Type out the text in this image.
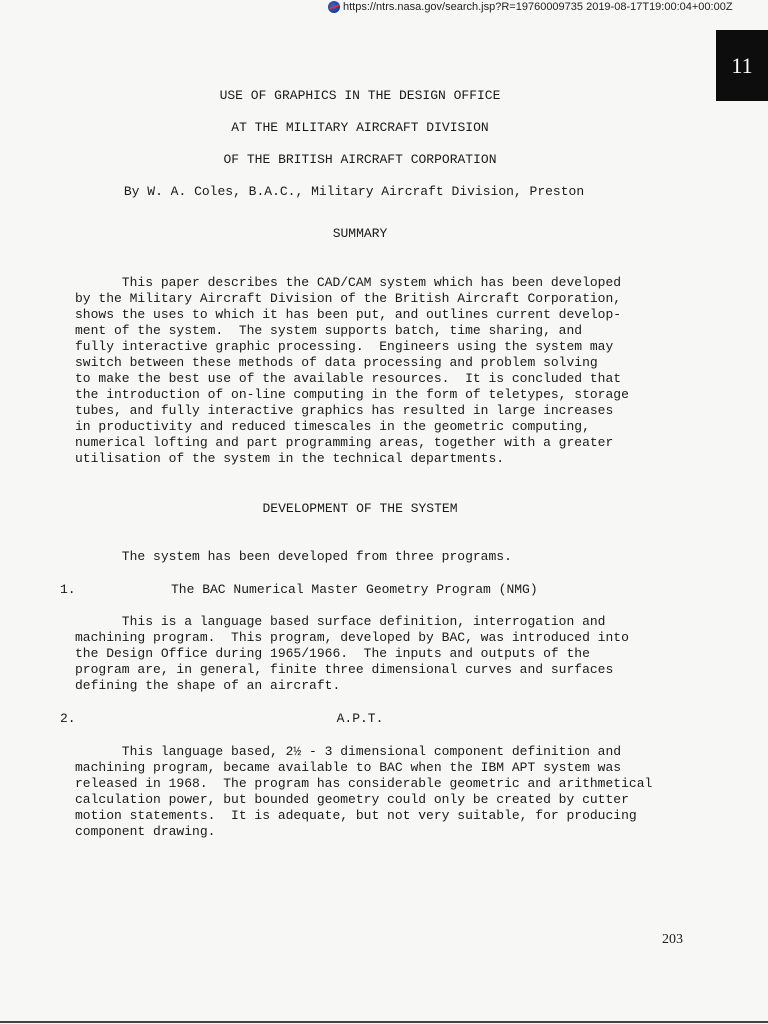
https://ntrs.nasa.gov/search.jsp?R=19760009735 2019-08-17T19:00:04+00:00Z
11
USE OF GRAPHICS IN THE DESIGN OFFICE
AT THE MILITARY AIRCRAFT DIVISION
OF THE BRITISH AIRCRAFT CORPORATION
By W. A. Coles, B.A.C., Military Aircraft Division, Preston
SUMMARY
This paper describes the CAD/CAM system which has been developed
by the Military Aircraft Division of the British Aircraft Corporation,
shows the uses to which it has been put, and outlines current develop-
ment of the system.  The system supports batch, time sharing, and
fully interactive graphic processing.  Engineers using the system may
switch between these methods of data processing and problem solving
to make the best use of the available resources.  It is concluded that
the introduction of on-line computing in the form of teletypes, storage
tubes, and fully interactive graphics has resulted in large increases
in productivity and reduced timescales in the geometric computing,
numerical lofting and part programming areas, together with a greater
utilisation of the system in the technical departments.
DEVELOPMENT OF THE SYSTEM
The system has been developed from three programs.
1.	The BAC Numerical Master Geometry Program (NMG)
This is a language based surface definition, interrogation and
machining program.  This program, developed by BAC, was introduced into
the Design Office during 1965/1966.  The inputs and outputs of the
program are, in general, finite three dimensional curves and surfaces
defining the shape of an aircraft.
2.	A.P.T.
This language based, 2½ - 3 dimensional component definition and
machining program, became available to BAC when the IBM APT system was
released in 1968.  The program has considerable geometric and arithmetical
calculation power, but bounded geometry could only be created by cutter
motion statements.  It is adequate, but not very suitable, for producing
component drawing.
203
